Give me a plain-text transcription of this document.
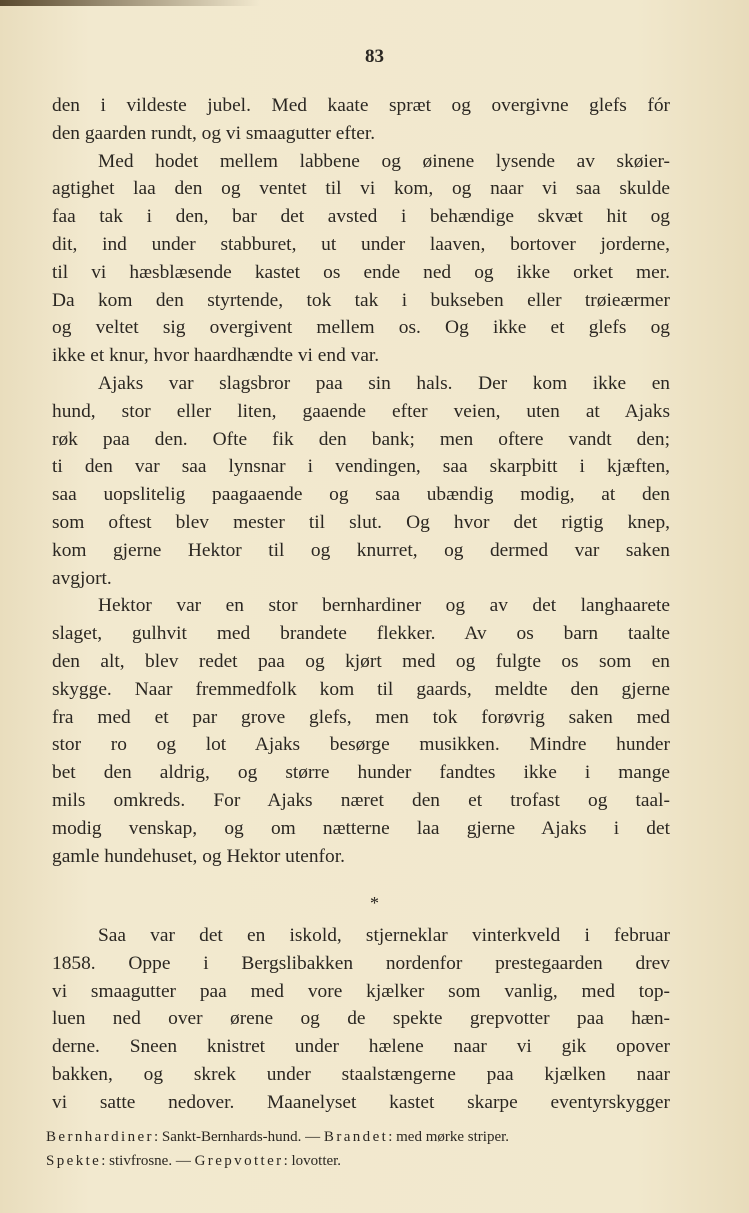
83
den i vildeste jubel. Med kaate spræt og overgivne glefs fór
den gaarden rundt, og vi smaagutter efter.
Med hodet mellem labbene og øinene lysende av skøier-
agtighet laa den og ventet til vi kom, og naar vi saa skulde
faa tak i den, bar det avsted i behændige skvæt hit og
dit, ind under stabburet, ut under laaven, bortover jorderne,
til vi hæsblæsende kastet os ende ned og ikke orket mer.
Da kom den styrtende, tok tak i bukseben eller trøieærmer
og veltet sig overgivent mellem os. Og ikke et glefs og
ikke et knur, hvor haardhændte vi end var.
Ajaks var slagsbror paa sin hals. Der kom ikke en
hund, stor eller liten, gaaende efter veien, uten at Ajaks
røk paa den. Ofte fik den bank; men oftere vandt den;
ti den var saa lynsnar i vendingen, saa skarpbitt i kjæften,
saa uopslitelig paagaaende og saa ubændig modig, at den
som oftest blev mester til slut. Og hvor det rigtig knep,
kom gjerne Hektor til og knurret, og dermed var saken
avgjort.
Hektor var en stor bernhardiner og av det langhaarete
slaget, gulhvit med brandete flekker. Av os barn taalte
den alt, blev redet paa og kjørt med og fulgte os som en
skygge. Naar fremmedfolk kom til gaards, meldte den gjerne
fra med et par grove glefs, men tok forøvrig saken med
stor ro og lot Ajaks besørge musikken. Mindre hunder
bet den aldrig, og større hunder fandtes ikke i mange
mils omkreds. For Ajaks næret den et trofast og taal-
modig venskap, og om nætterne laa gjerne Ajaks i det
gamle hundehuset, og Hektor utenfor.
*
Saa var det en iskold, stjerneklar vinterkveld i februar
1858. Oppe i Bergslibakken nordenfor prestegaarden drev
vi smaagutter paa med vore kjælker som vanlig, med top-
luen ned over ørene og de spekte grepvotter paa hæn-
derne. Sneen knistret under hælene naar vi gik opover
bakken, og skrek under staalstængerne paa kjælken naar
vi satte nedover. Maanelyset kastet skarpe eventyrskygger
Bernhardiner: Sankt-Bernhards-hund. — Brandet: med mørke striper.
Spekte: stivfrosne. — Grepvotter: lovotter.
